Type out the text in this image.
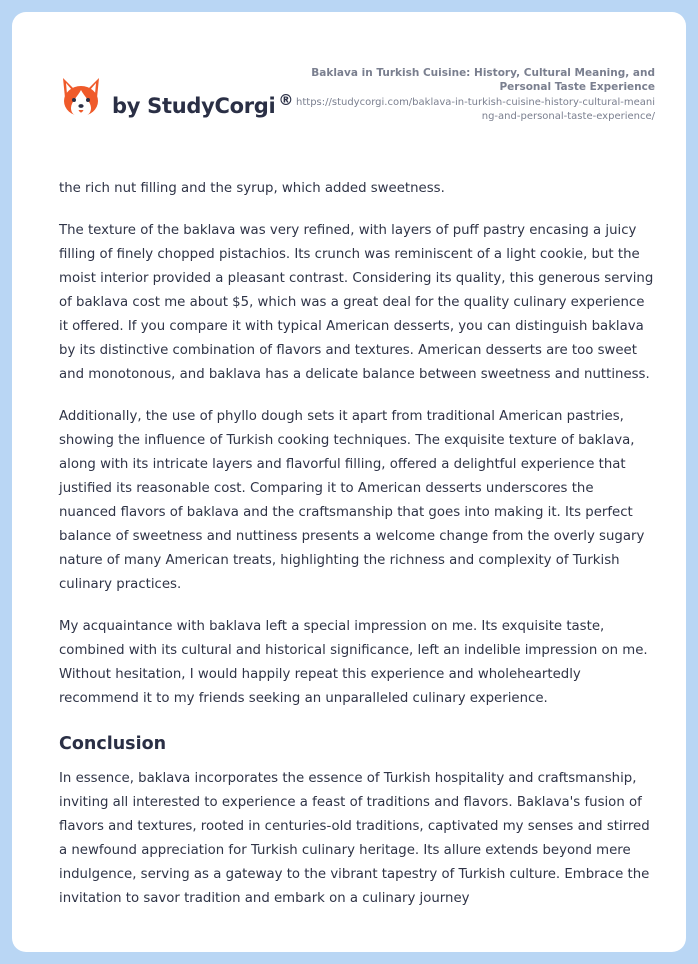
by StudyCorgi ®
Baklava in Turkish Cuisine: History, Cultural Meaning, and Personal Taste Experience
https://studycorgi.com/baklava-in-turkish-cuisine-history-cultural-meaning-and-personal-taste-experience/

the rich nut filling and the syrup, which added sweetness.

The texture of the baklava was very refined, with layers of puff pastry encasing a juicy filling of finely chopped pistachios. Its crunch was reminiscent of a light cookie, but the moist interior provided a pleasant contrast. Considering its quality, this generous serving of baklava cost me about $5, which was a great deal for the quality culinary experience it offered. If you compare it with typical American desserts, you can distinguish baklava by its distinctive combination of flavors and textures. American desserts are too sweet and monotonous, and baklava has a delicate balance between sweetness and nuttiness.

Additionally, the use of phyllo dough sets it apart from traditional American pastries, showing the influence of Turkish cooking techniques. The exquisite texture of baklava, along with its intricate layers and flavorful filling, offered a delightful experience that justified its reasonable cost. Comparing it to American desserts underscores the nuanced flavors of baklava and the craftsmanship that goes into making it. Its perfect balance of sweetness and nuttiness presents a welcome change from the overly sugary nature of many American treats, highlighting the richness and complexity of Turkish culinary practices.

My acquaintance with baklava left a special impression on me. Its exquisite taste, combined with its cultural and historical significance, left an indelible impression on me. Without hesitation, I would happily repeat this experience and wholeheartedly recommend it to my friends seeking an unparalleled culinary experience.

Conclusion

In essence, baklava incorporates the essence of Turkish hospitality and craftsmanship, inviting all interested to experience a feast of traditions and flavors. Baklava's fusion of flavors and textures, rooted in centuries-old traditions, captivated my senses and stirred a newfound appreciation for Turkish culinary heritage. Its allure extends beyond mere indulgence, serving as a gateway to the vibrant tapestry of Turkish culture. Embrace the invitation to savor tradition and embark on a culinary journey
